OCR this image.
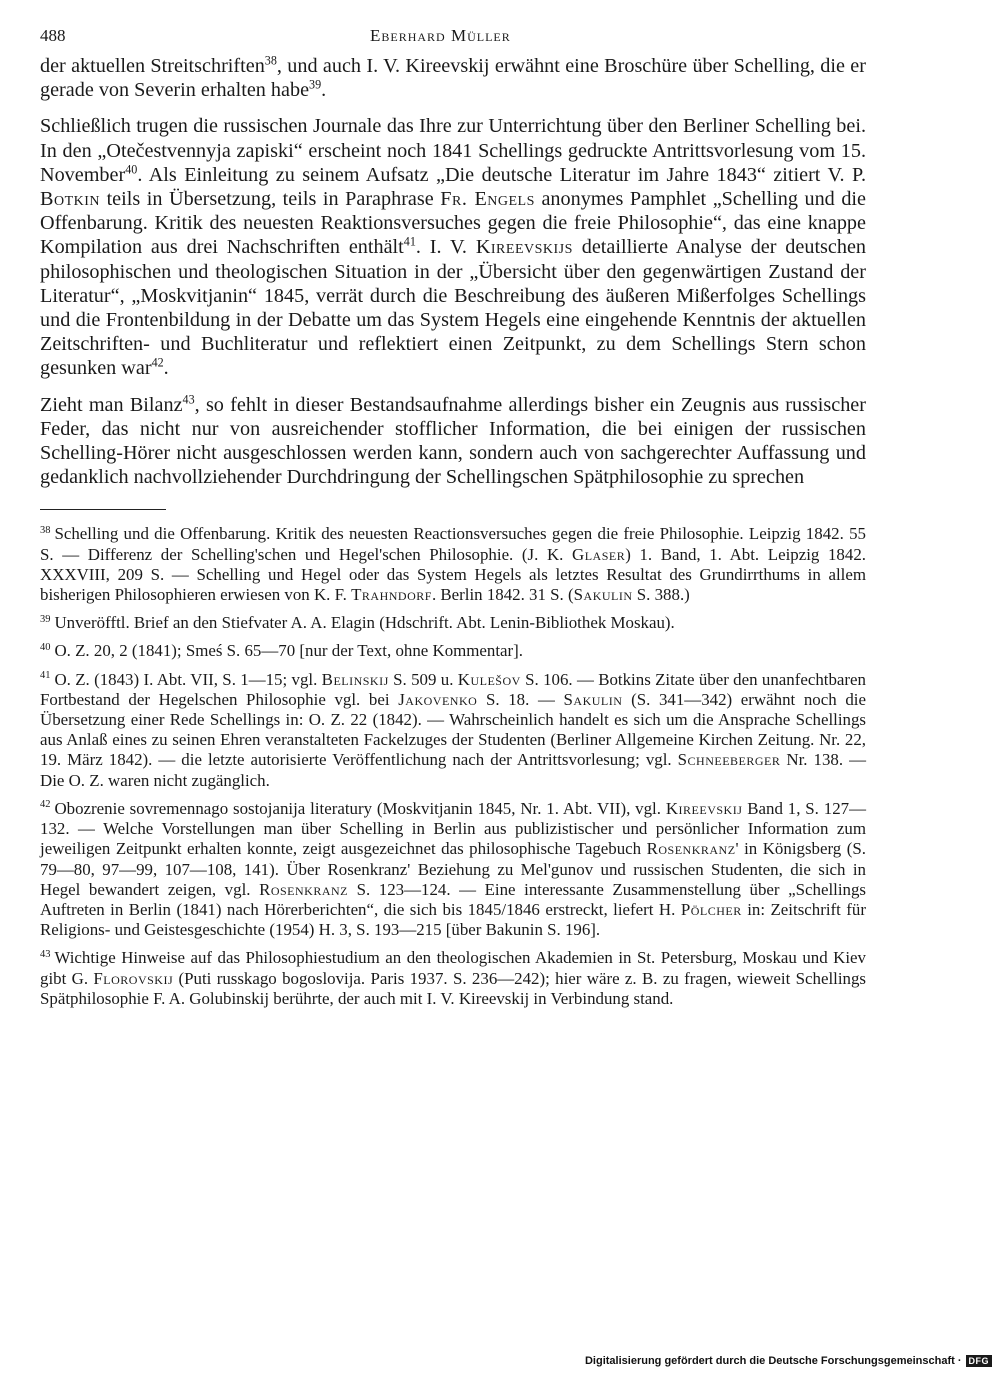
488	Eberhard Müller

der aktuellen Streitschriften$^{38}$, und auch I. V. Kireevskij erwähnt eine Broschüre über Schelling, die er gerade von Severin erhalten habe$^{39}$.

Schließlich trugen die russischen Journale das Ihre zur Unterrichtung über den Berliner Schelling bei. In den „Otečestvennyja zapiski“ erscheint noch 1841 Schellings gedruckte Antrittsvorlesung vom 15. November$^{40}$. Als Einleitung zu seinem Aufsatz „Die deutsche Literatur im Jahre 1843“ zitiert V. P. Botkin teils in Übersetzung, teils in Paraphrase Fr. Engels anonymes Pamphlet „Schelling und die Offenbarung. Kritik des neuesten Reaktionsversuches gegen die freie Philosophie“, das eine knappe Kompilation aus drei Nachschriften enthält$^{41}$. I. V. Kireevskijs detaillierte Analyse der deutschen philosophischen und theologischen Situation in der „Übersicht über den gegenwärtigen Zustand der Literatur“, „Moskvitjanin“ 1845, verrät durch die Beschreibung des äußeren Mißerfolges Schellings und die Frontenbildung in der Debatte um das System Hegels eine eingehende Kenntnis der aktuellen Zeitschriften- und Buchliteratur und reflektiert einen Zeitpunkt, zu dem Schellings Stern schon gesunken war$^{42}$.

Zieht man Bilanz$^{43}$, so fehlt in dieser Bestandsaufnahme allerdings bisher ein Zeugnis aus russischer Feder, das nicht nur von ausreichender stofflicher Information, die bei einigen der russischen Schelling-Hörer nicht ausgeschlossen werden kann, sondern auch von sachgerechter Auffassung und gedanklich nachvollziehender Durchdringung der Schellingschen Spätphilosophie zu sprechen

$^{38}$ Schelling und die Offenbarung. Kritik des neuesten Reactionsversuches gegen die freie Philosophie. Leipzig 1842. 55 S. — Differenz der Schelling'schen und Hegel'schen Philosophie. (J. K. Glaser) 1. Band, 1. Abt. Leipzig 1842. XXXVIII, 209 S. — Schelling und Hegel oder das System Hegels als letztes Resultat des Grundirrthums in allem bisherigen Philosophieren erwiesen von K. F. Trahndorf. Berlin 1842. 31 S. (Sakulin S. 388.)

$^{39}$ Unveröfftl. Brief an den Stiefvater A. A. Elagin (Hdschrift. Abt. Lenin-Bibliothek Moskau).

$^{40}$ O. Z. 20, 2 (1841); Smeś S. 65—70 [nur der Text, ohne Kommentar].

$^{41}$ O. Z. (1843) I. Abt. VII, S. 1—15; vgl. Belinskij S. 509 u. Kulešov S. 106. — Botkins Zitate über den unanfechtbaren Fortbestand der Hegelschen Philosophie vgl. bei Jakovenko S. 18. — Sakulin (S. 341—342) erwähnt noch die Übersetzung einer Rede Schellings in: O. Z. 22 (1842). — Wahrscheinlich handelt es sich um die Ansprache Schellings aus Anlaß eines zu seinen Ehren veranstalteten Fackelzuges der Studenten (Berliner Allgemeine Kirchen Zeitung. Nr. 22, 19. März 1842). — die letzte autorisierte Veröffentlichung nach der Antrittsvorlesung; vgl. Schneeberger Nr. 138. — Die O. Z. waren nicht zugänglich.

$^{42}$ Obozrenie sovremennago sostojanija literatury (Moskvitjanin 1845, Nr. 1. Abt. VII), vgl. Kireevskij Band 1, S. 127—132. — Welche Vorstellungen man über Schelling in Berlin aus publizistischer und persönlicher Information zum jeweiligen Zeitpunkt erhalten konnte, zeigt ausgezeichnet das philosophische Tagebuch Rosenkranz' in Königsberg (S. 79—80, 97—99, 107—108, 141). Über Rosenkranz' Beziehung zu Mel'gunov und russischen Studenten, die sich in Hegel bewandert zeigen, vgl. Rosenkranz S. 123—124. — Eine interessante Zusammenstellung über „Schellings Auftreten in Berlin (1841) nach Hörerberichten“, die sich bis 1845/1846 erstreckt, liefert H. Pölcher in: Zeitschrift für Religions- und Geistesgeschichte (1954) H. 3, S. 193—215 [über Bakunin S. 196].

$^{43}$ Wichtige Hinweise auf das Philosophiestudium an den theologischen Akademien in St. Petersburg, Moskau und Kiev gibt G. Florovskij (Puti russkago bogoslovija. Paris 1937. S. 236—242); hier wäre z. B. zu fragen, wieweit Schellings Spätphilosophie F. A. Golubinskij berührte, der auch mit I. V. Kireevskij in Verbindung stand.

Digitalisierung gefördert durch die Deutsche Forschungsgemeinschaft · DFG
